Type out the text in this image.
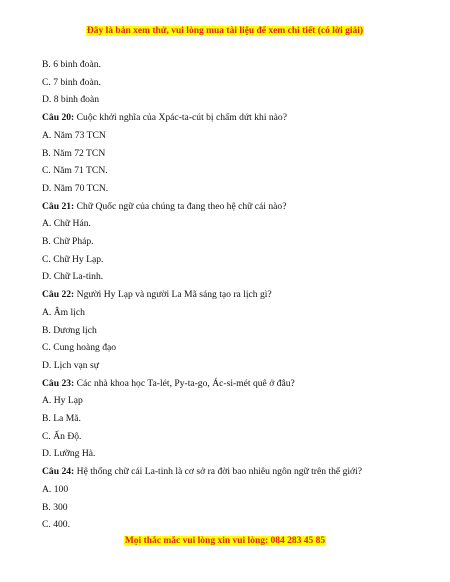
Đây là bản xem thử, vui lòng mua tài liệu để xem chi tiết (có lời giải)
B. 6 binh đoàn.
C. 7 binh đoàn.
D. 8 binh đoàn
Câu 20: Cuộc khởi nghĩa của Xpác-ta-cút bị chấm dứt khi nào?
A. Năm 73 TCN
B. Năm 72 TCN
C. Năm 71 TCN.
D. Năm 70 TCN.
Câu 21: Chữ Quốc ngữ của chúng ta đang theo hệ chữ cái nào?
A. Chữ Hán.
B. Chữ Pháp.
C. Chữ Hy Lạp.
D. Chữ La-tinh.
Câu 22: Người Hy Lạp và người La Mã sáng tạo ra lịch gì?
A. Âm lịch
B. Dương lịch
C. Cung hoàng đạo
D. Lịch vạn sự
Câu 23: Các nhà khoa học Ta-lét, Py-ta-go, Ác-si-mét quê ở đâu?
A. Hy Lạp
B. La Mã.
C. Ấn Độ.
D. Lưỡng Hà.
Câu 24: Hệ thống chữ cái La-tinh là cơ sở ra đời bao nhiêu ngôn ngữ trên thế giới?
A. 100
B. 300
C. 400.
Mọi thắc mắc vui lòng xin vui lòng: 084 283 45 85
